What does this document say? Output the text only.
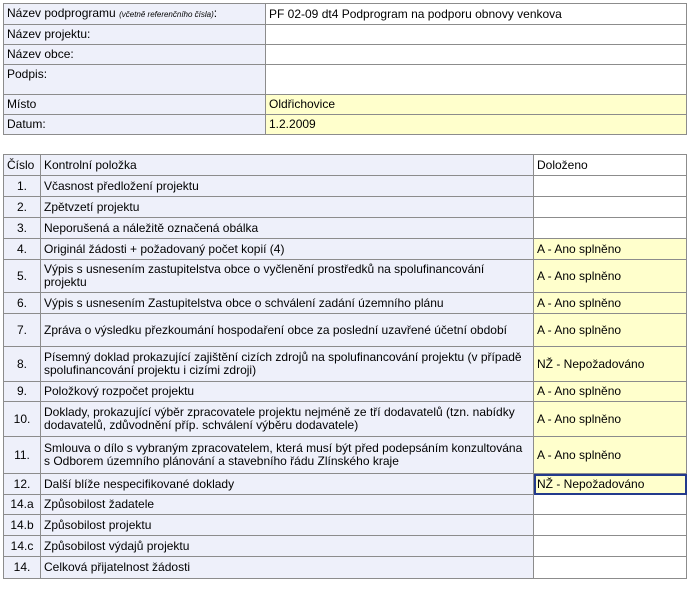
Název podprogramu (včetně referenčního čísla):	PF 02-09 dt4 Podprogram na podporu obnovy venkova
Název projektu:	
Název obce:	
Podpis:	
Místo	Oldřichovice
Datum:	1.2.2009
Číslo	Kontrolní položka	Doloženo
1.	Včasnost předložení projektu	
2.	Zpětvzetí projektu	
3.	Neporušená a náležitě označená obálka	
4.	Originál žádosti + požadovaný počet kopií (4)	A - Ano splněno
5.	Výpis s usnesením zastupitelstva obce o vyčlenění prostředků na spolufinancování projektu	A - Ano splněno
6.	Výpis s usnesením Zastupitelstva obce o schválení zadání územního plánu	A - Ano splněno
7.	Zpráva o výsledku přezkoumání hospodaření obce za poslední uzavřené účetní období	A - Ano splněno
8.	Písemný doklad prokazující zajištění cizích zdrojů na spolufinancování projektu (v případě spolufinancování projektu i cizími zdroji)	NŽ - Nepožadováno
9.	Položkový rozpočet projektu	A - Ano splněno
10.	Doklady, prokazující výběr zpracovatele projektu nejméně ze tří dodavatelů (tzn. nabídky dodavatelů, zdůvodnění příp. schválení výběru dodavatele)	A - Ano splněno
11.	Smlouva o dílo s vybraným zpracovatelem, která musí být před podepsáním konzultována s Odborem územního plánování a stavebního řádu Zlínského kraje	A - Ano splněno
12.	Další blíže nespecifikované doklady	NŽ - Nepožadováno
14.a	Způsobilost žadatele	
14.b	Způsobilost projektu	
14.c	Způsobilost výdajů projektu	
14.	Celková přijatelnost žádosti	
